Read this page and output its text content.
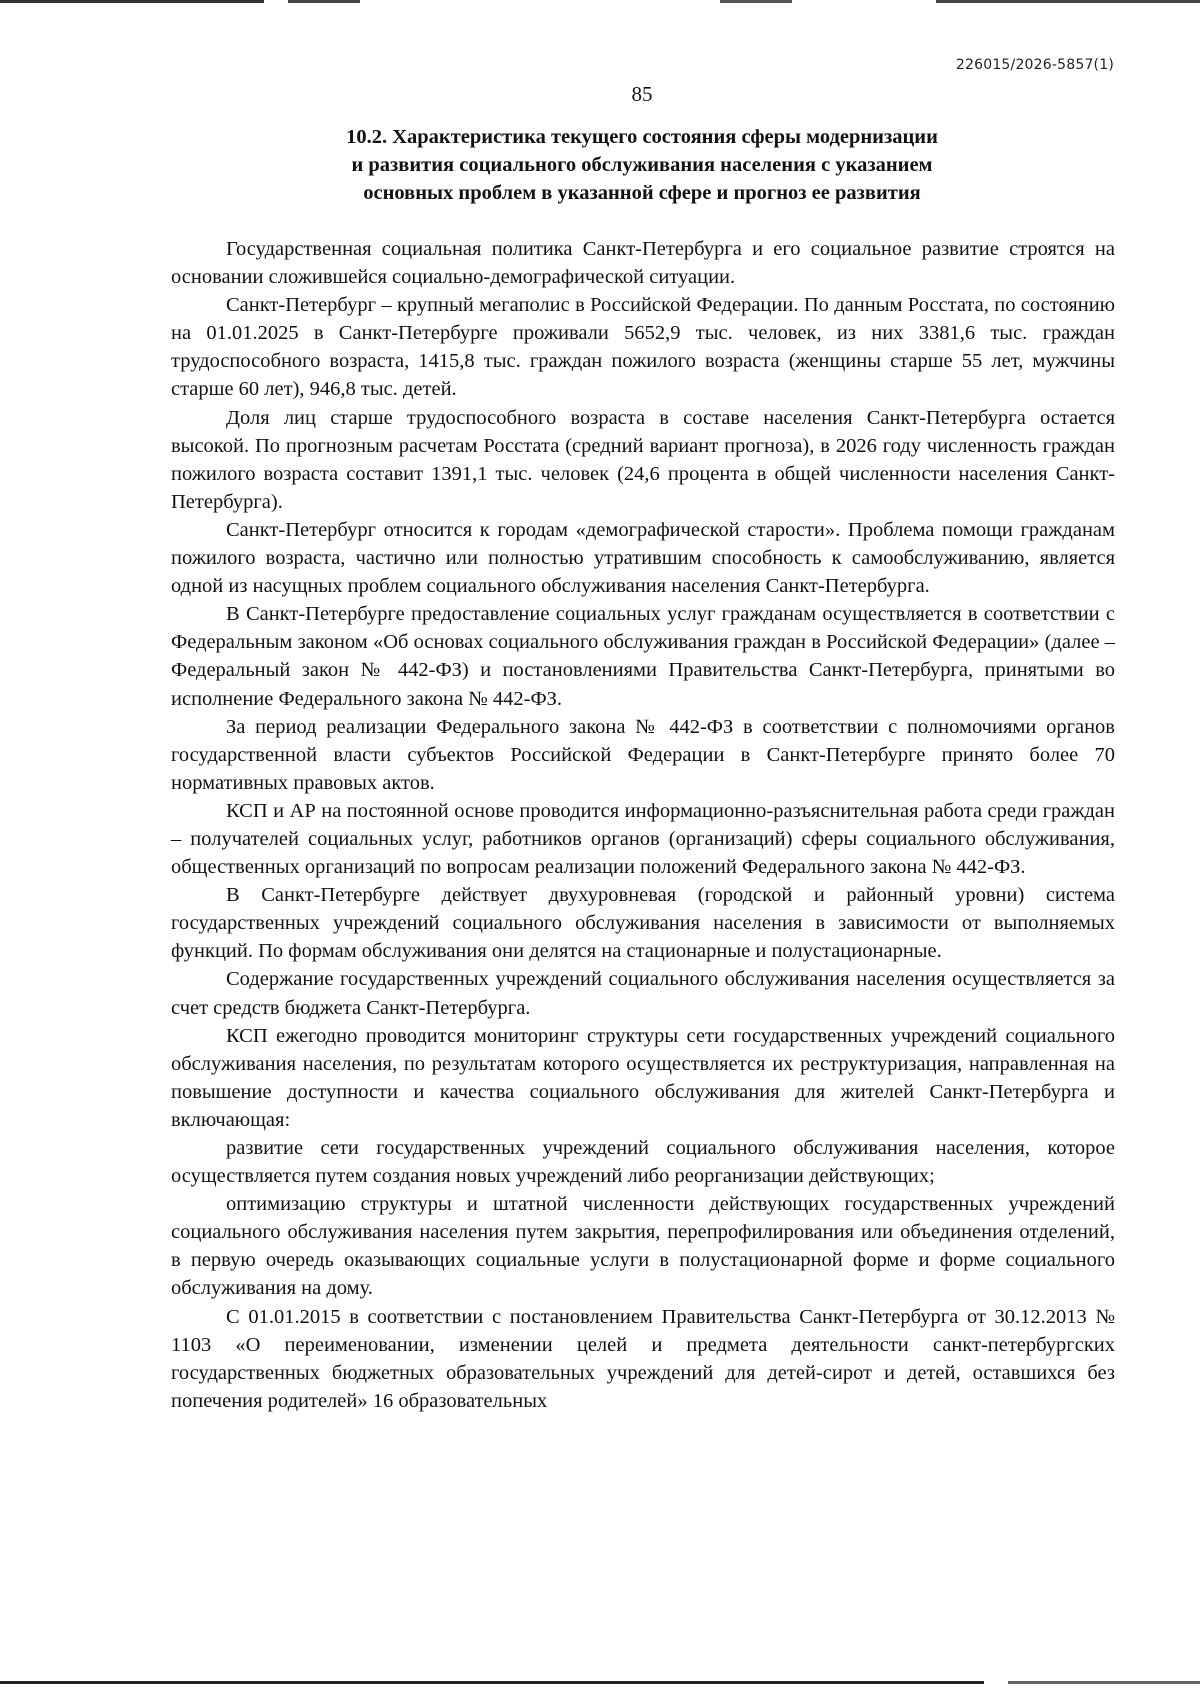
226015/2026-5857(1)
85
10.2. Характеристика текущего состояния сферы модернизации
и развития социального обслуживания населения с указанием
основных проблем в указанной сфере и прогноз ее развития

Государственная социальная политика Санкт-Петербурга и его социальное развитие строятся на основании сложившейся социально-демографической ситуации.

Санкт-Петербург – крупный мегаполис в Российской Федерации. По данным Росстата, по состоянию на 01.01.2025 в Санкт-Петербурге проживали 5652,9 тыс. человек, из них 3381,6 тыс. граждан трудоспособного возраста, 1415,8 тыс. граждан пожилого возраста (женщины старше 55 лет, мужчины старше 60 лет), 946,8 тыс. детей.

Доля лиц старше трудоспособного возраста в составе населения Санкт-Петербурга остается высокой. По прогнозным расчетам Росстата (средний вариант прогноза), в 2026 году численность граждан пожилого возраста составит 1391,1 тыс. человек (24,6 процента в общей численности населения Санкт-Петербурга).

Санкт-Петербург относится к городам «демографической старости». Проблема помощи гражданам пожилого возраста, частично или полностью утратившим способность к самообслуживанию, является одной из насущных проблем социального обслуживания населения Санкт-Петербурга.

В Санкт-Петербурге предоставление социальных услуг гражданам осуществляется в соответствии с Федеральным законом «Об основах социального обслуживания граждан в Российской Федерации» (далее – Федеральный закон № 442-ФЗ) и постановлениями Правительства Санкт-Петербурга, принятыми во исполнение Федерального закона № 442-ФЗ.

За период реализации Федерального закона № 442-ФЗ в соответствии с полномочиями органов государственной власти субъектов Российской Федерации в Санкт-Петербурге принято более 70 нормативных правовых актов.

КСП и АР на постоянной основе проводится информационно-разъяснительная работа среди граждан – получателей социальных услуг, работников органов (организаций) сферы социального обслуживания, общественных организаций по вопросам реализации положений Федерального закона № 442-ФЗ.

В Санкт-Петербурге действует двухуровневая (городской и районный уровни) система государственных учреждений социального обслуживания населения в зависимости от выполняемых функций. По формам обслуживания они делятся на стационарные и полустационарные.

Содержание государственных учреждений социального обслуживания населения осуществляется за счет средств бюджета Санкт-Петербурга.

КСП ежегодно проводится мониторинг структуры сети государственных учреждений социального обслуживания населения, по результатам которого осуществляется их реструктуризация, направленная на повышение доступности и качества социального обслуживания для жителей Санкт-Петербурга и включающая:

развитие сети государственных учреждений социального обслуживания населения, которое осуществляется путем создания новых учреждений либо реорганизации действующих;

оптимизацию структуры и штатной численности действующих государственных учреждений социального обслуживания населения путем закрытия, перепрофилирования или объединения отделений, в первую очередь оказывающих социальные услуги в полустационарной форме и форме социального обслуживания на дому.

С 01.01.2015 в соответствии с постановлением Правительства Санкт-Петербурга от 30.12.2013 № 1103 «О переименовании, изменении целей и предмета деятельности санкт-петербургских государственных бюджетных образовательных учреждений для детей-сирот и детей, оставшихся без попечения родителей» 16 образовательных
